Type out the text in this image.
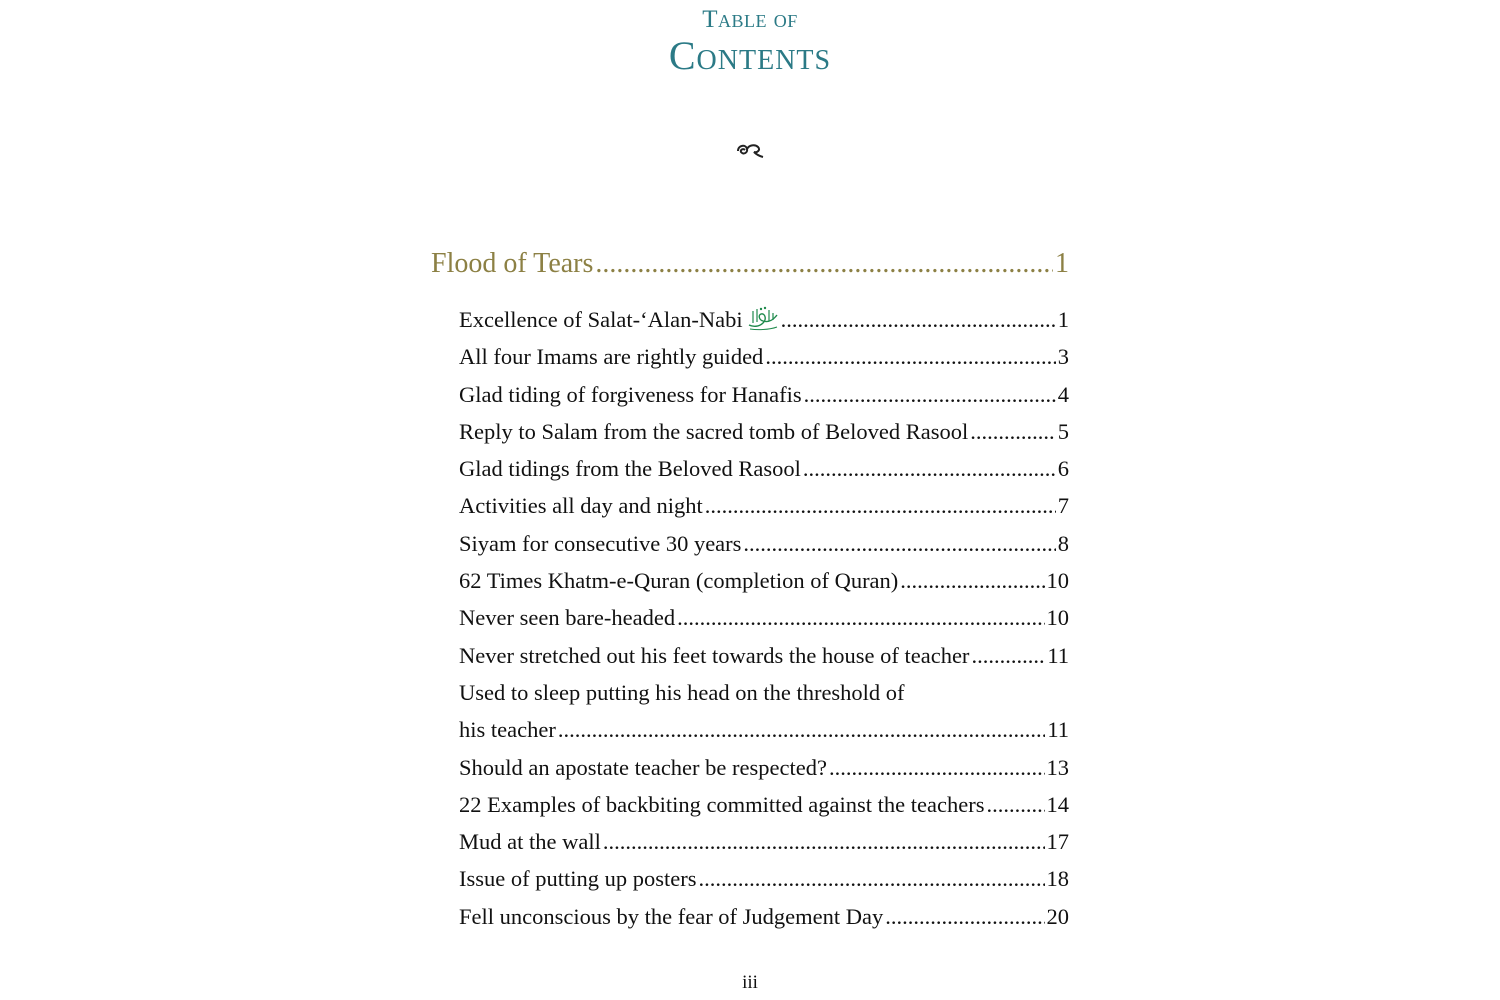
Table of
Contents
Flood of Tears .....	1
Excellence of Salat-‘Alan-Nabi .....	1
All four Imams are rightly guided .....	3
Glad tiding of forgiveness for Hanafis .....	4
Reply to Salam from the sacred tomb of Beloved Rasool .....	5
Glad tidings from the Beloved Rasool .....	6
Activities all day and night .....	7
Siyam for consecutive 30 years .....	8
62 Times Khatm-e-Quran (completion of Quran) .....	10
Never seen bare-headed .....	10
Never stretched out his feet towards the house of teacher .....	11
Used to sleep putting his head on the threshold of
his teacher .....	11
Should an apostate teacher be respected? .....	13
22 Examples of backbiting committed against the teachers .....	14
Mud at the wall .....	17
Issue of putting up posters .....	18
Fell unconscious by the fear of Judgement Day .....	20
iii
